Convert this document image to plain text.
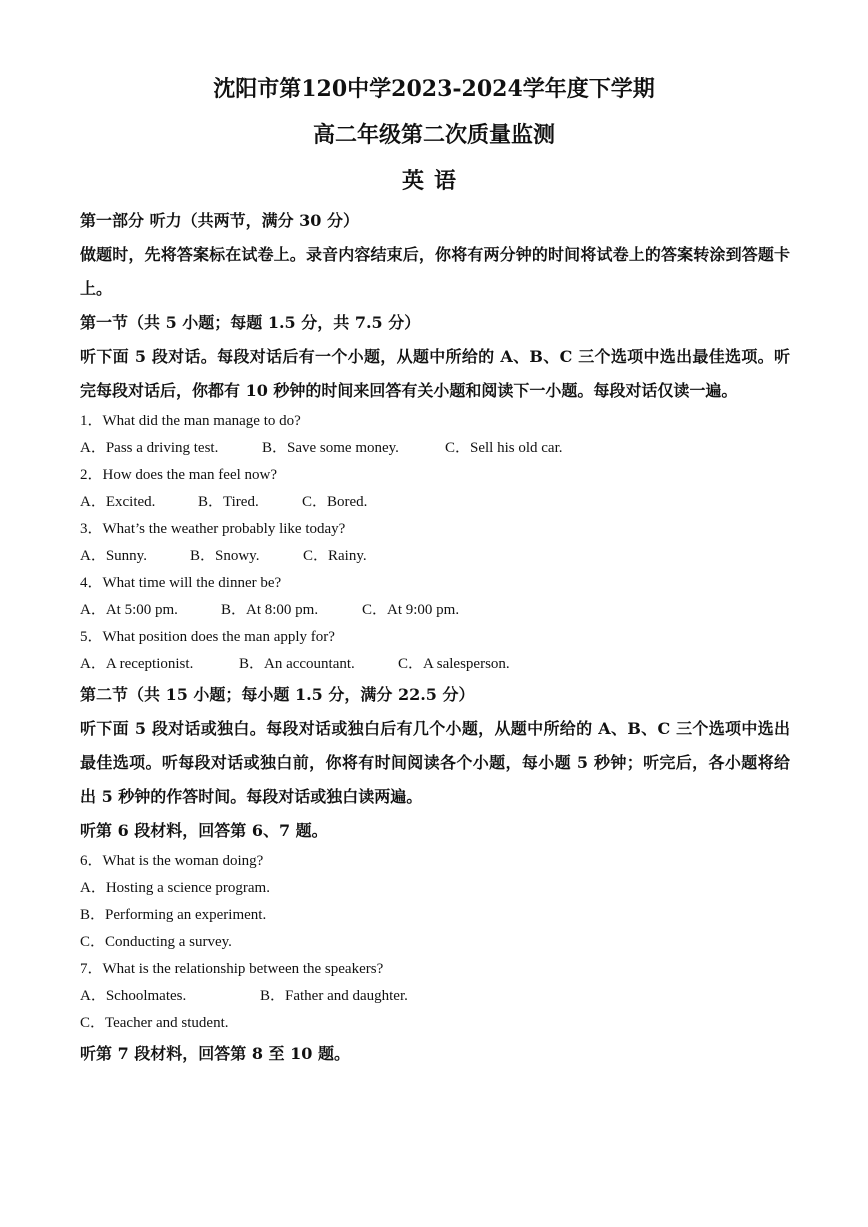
沈阳市第120中学2023-2024学年度下学期
高二年级第二次质量监测
英语

第一部分 听力（共两节，满分 30 分）

做题时，先将答案标在试卷上。录音内容结束后，你将有两分钟的时间将试卷上的答案转涂到答题卡上。

第一节（共 5 小题；每题 1.5 分，共 7.5 分）

听下面 5 段对话。每段对话后有一个小题，从题中所给的 A、B、C 三个选项中选出最佳选项。听完每段对话后，你都有 10 秒钟的时间来回答有关小题和阅读下一小题。每段对话仅读一遍。

1．What did the man manage to do?

A．Pass a driving test.	B．Save some money.	C．Sell his old car.

2．How does the man feel now?

A．Excited.	B．Tired.	C．Bored.

3．What’s the weather probably like today?

A．Sunny.	B．Snowy.	C．Rainy.

4．What time will the dinner be?

A．At 5:00 pm.	B．At 8:00 pm.	C．At 9:00 pm.

5．What position does the man apply for?

A．A receptionist.	B．An accountant.	C．A salesperson.

第二节（共 15 小题；每小题 1.5 分，满分 22.5 分）

听下面 5 段对话或独白。每段对话或独白后有几个小题，从题中所给的 A、B、C 三个选项中选出最佳选项。听每段对话或独白前，你将有时间阅读各个小题，每小题 5 秒钟；听完后，各小题将给出 5 秒钟的作答时间。每段对话或独白读两遍。

听第 6 段材料，回答第 6、7 题。

6．What is the woman doing?

A．Hosting a science program.

B．Performing an experiment.

C．Conducting a survey.

7．What is the relationship between the speakers?

A．Schoolmates.	B．Father and daughter.

C．Teacher and student.

听第 7 段材料，回答第 8 至 10 题。
